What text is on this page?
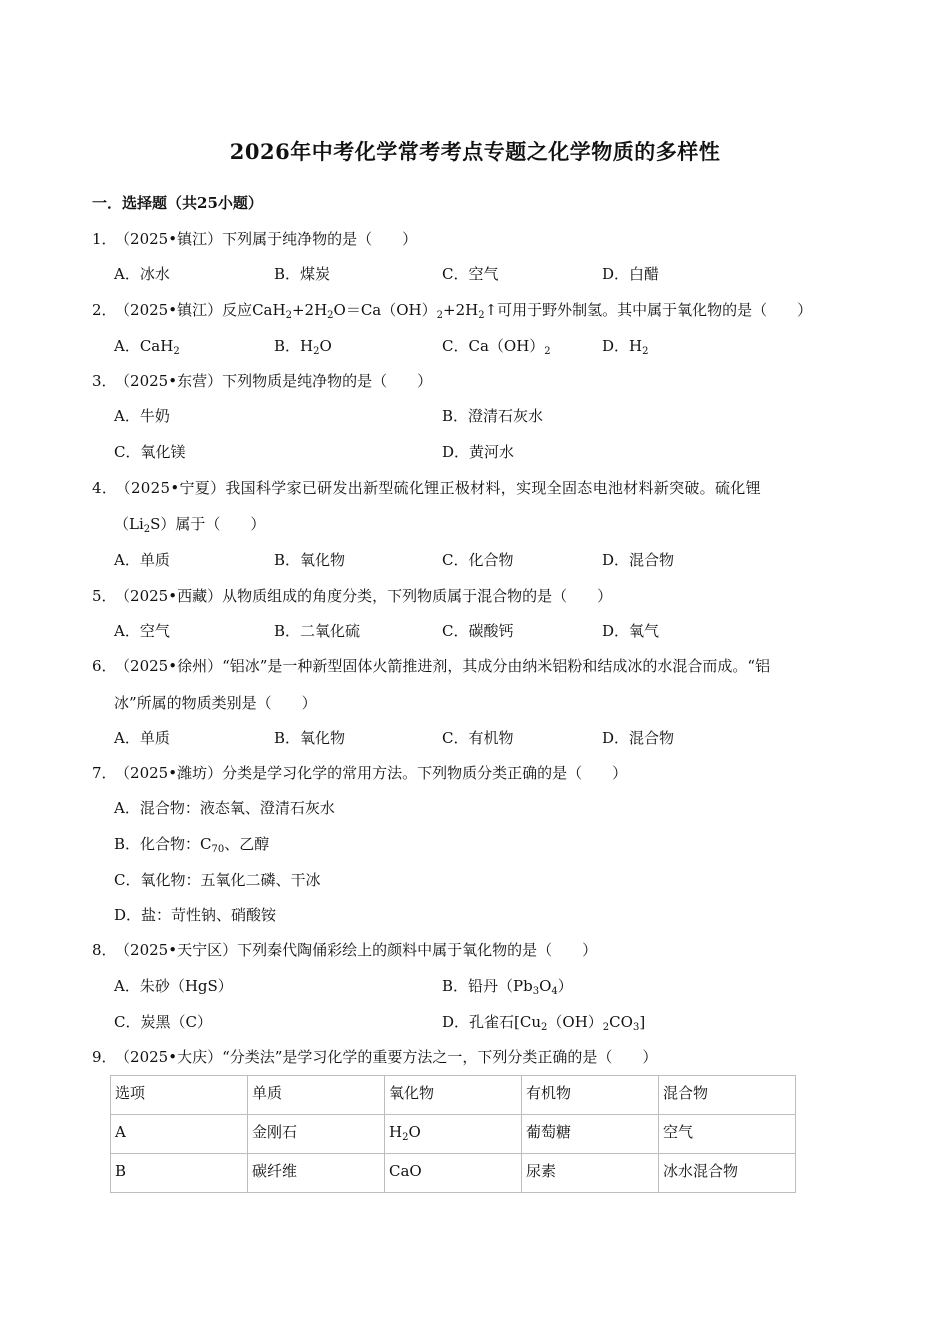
2026年中考化学常考考点专题之化学物质的多样性
一．选择题（共25小题）
1． （2025•镇江）下列属于纯净物的是（　　）
A．冰水	B．煤炭	C．空气	D．白醋
2． （2025•镇江）反应$CaH_2+2H_2O=Ca(OH)_2+2H_2↑$可用于野外制氢。其中属于氧化物的是（　　）
A．CaH$_2$	B．$H_2O$	C．$Ca(OH)_2$	D．$H_2$
3． （2025•东营）下列物质是纯净物的是（　　）
A．牛奶	B．澄清石灰水
C．氧化镁	D．黄河水
4． （2025•宁夏）我国科学家已研发出新型硫化锂正极材料，实现全固态电池材料新突破。硫化锂
$(Li_2S)$属于（　　）
A．单质	B．氧化物	C．化合物	D．混合物
5． （2025•西藏）从物质组成的角度分类，下列物质属于混合物的是（　　）
A．空气	B．二氧化硫	C．碳酸钙	D．氧气
6． （2025•徐州）“铝冰”是一种新型固体火箭推进剂，其成分由纳米铝粉和结成冰的水混合而成。“铝
冰”所属的物质类别是（　　）
A．单质	B．氧化物	C．有机物	D．混合物
7． （2025•潍坊）分类是学习化学的常用方法。下列物质分类正确的是（　　）
A．混合物：液态氧、澄清石灰水
B．化合物：$C_{70}$、乙醇
C．氧化物：五氧化二磷、干冰
D．盐：苛性钠、硝酸铵
8． （2025•天宁区）下列秦代陶俑彩绘上的颜料中属于氧化物的是（　　）
A．朱砂（HgS）	B．铅丹$(Pb_3O_4)$
C．炭黑（C）	D．孔雀石$[Cu_2(OH)_2CO_3]$
9． （2025•大庆）“分类法”是学习化学的重要方法之一，下列分类正确的是（　　）
选项	单质	氧化物	有机物	混合物
A	金刚石	$H_2O$	葡萄糖	空气
B	碳纤维	CaO	尿素	冰水混合物
